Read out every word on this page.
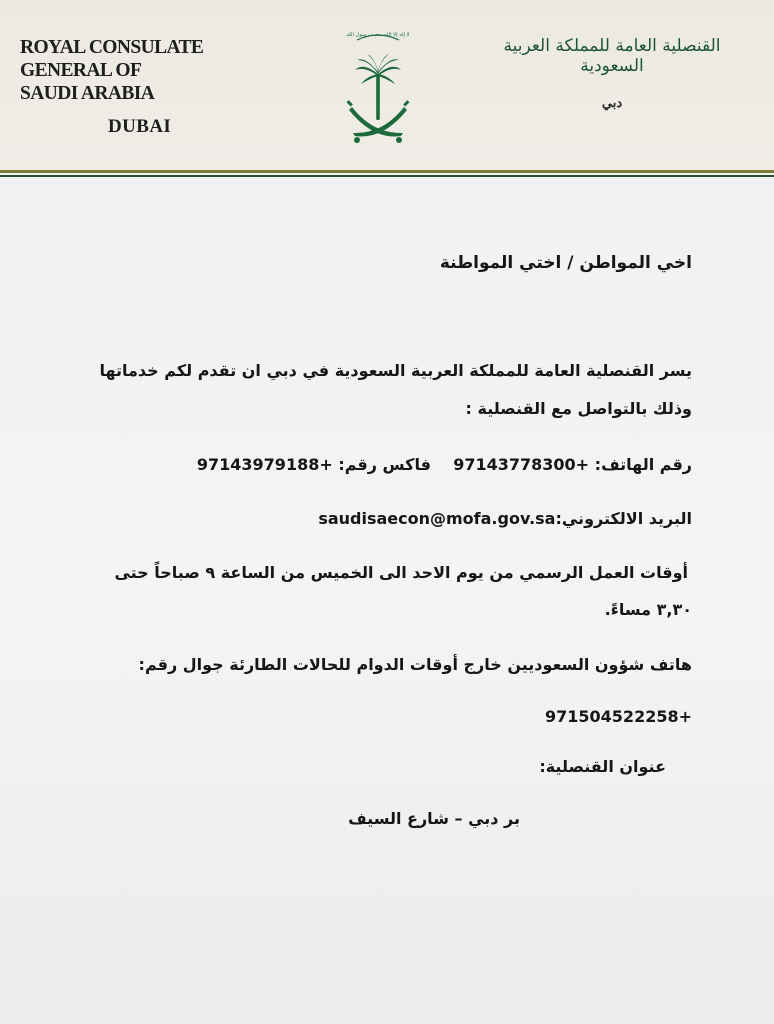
ROYAL CONSULATE GENERAL OF
SAUDI ARABIA
DUBAI
لا إله إلا الله محمد رسول الله
القنصلية العامة للمملكة العربية السعودية
دبي
اخي المواطن / اختي المواطنة
يسر القنصلية العامة للمملكة العربية السعودية في دبي ان تقدم لكم خدماتها
وذلك بالتواصل مع القنصلية :
رقم الهاتف: 97143778300+    فاكس رقم: 97143979188+
البريد الالكتروني:saudisaecon@mofa.gov.sa
أوقات العمل الرسمي من يوم الاحد الى الخميس من الساعة ٩ صباحاً حتى
٣,٣٠ مساءً.
هاتف شؤون السعوديين خارج أوقات الدوام للحالات الطارئة جوال رقم:
971504522258+
عنوان القنصلية:
بر دبي – شارع السيف
